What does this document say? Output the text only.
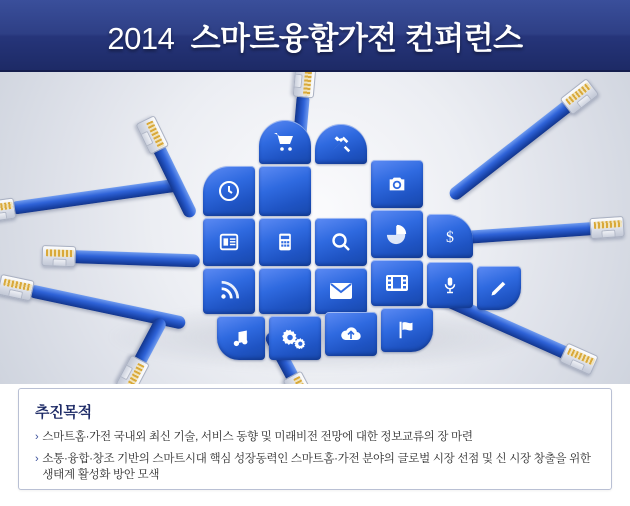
2014 스마트융합가전 컨퍼런스
$
추진목적
› 스마트홈·가전 국내외 최신 기술, 서비스 동향 및 미래비전 전망에 대한 정보교류의 장 마련
› 소통·융합·창조 기반의 스마트시대 핵심 성장동력인 스마트홈·가전 분야의 글로벌 시장 선점 및 신 시장 창출을 위한 생태계 활성화 방안 모색
